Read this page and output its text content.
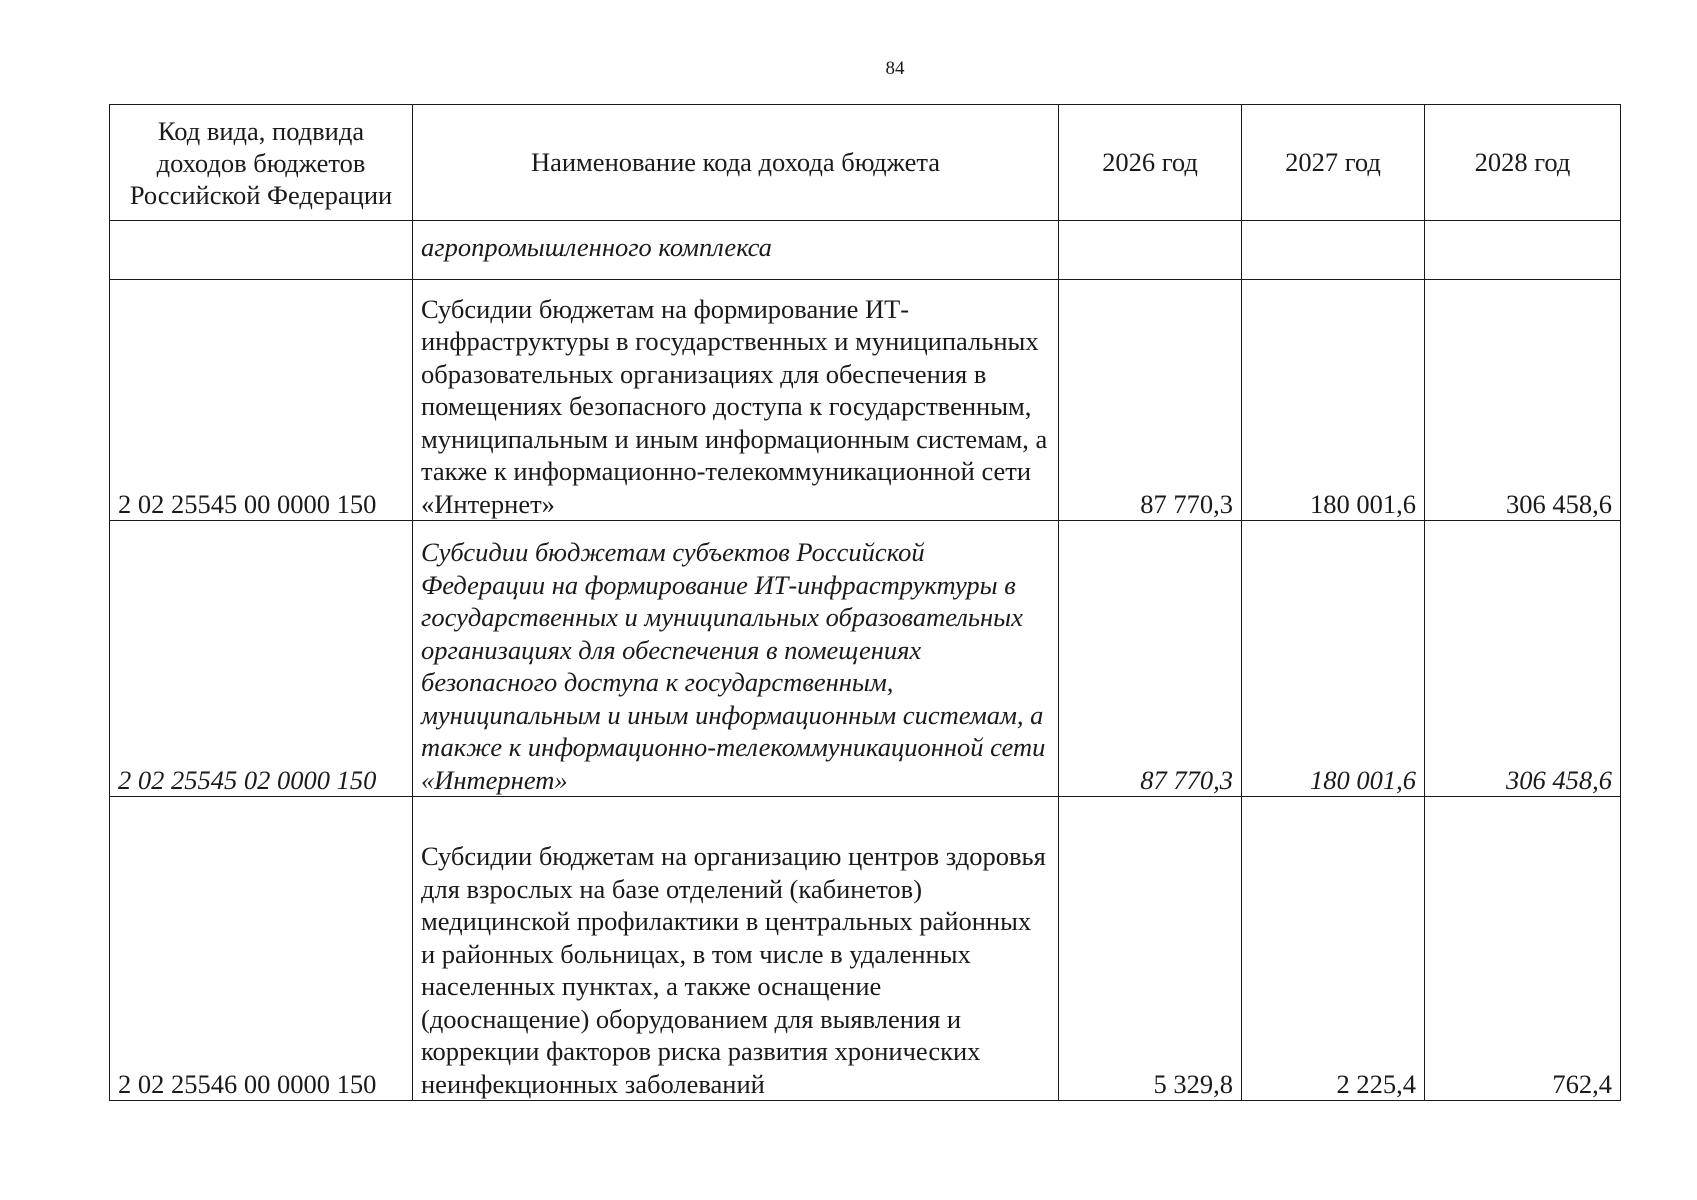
84
Код вида, подвида доходов бюджетов Российской Федерации	Наименование кода дохода бюджета	2026 год	2027 год	2028 год
	агропромышленного комплекса			
2 02 25545 00 0000 150	Субсидии бюджетам на формирование ИТ-инфраструктуры в государственных и муниципальных образовательных организациях для обеспечения в помещениях безопасного доступа к государственным, муниципальным и иным информационным системам, а также к информационно-телекоммуникационной сети «Интернет»	87 770,3	180 001,6	306 458,6
2 02 25545 02 0000 150	Субсидии бюджетам субъектов Российской Федерации на формирование ИТ-инфраструктуры в государственных и муниципальных образовательных организациях для обеспечения в помещениях безопасного доступа к государственным, муниципальным и иным информационным системам, а также к информационно-телекоммуникационной сети «Интернет»	87 770,3	180 001,6	306 458,6
2 02 25546 00 0000 150	Субсидии бюджетам на организацию центров здоровья для взрослых на базе отделений (кабинетов) медицинской профилактики в центральных районных и районных больницах, в том числе в удаленных населенных пунктах, а также оснащение (дооснащение) оборудованием для выявления и коррекции факторов риска развития хронических неинфекционных заболеваний	5 329,8	2 225,4	762,4
